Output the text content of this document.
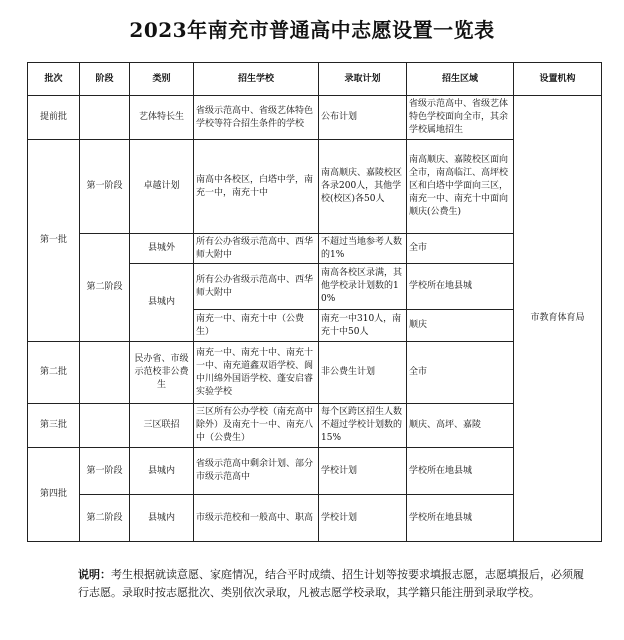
2023年南充市普通高中志愿设置一览表
批次	阶段	类别	招生学校	录取计划	招生区域	设置机构	
提前批		艺体特长生	省级示范高中、省级艺体特色学校等符合招生条件的学校	公布计划	省级示范高中、省级艺体特色学校面向全市，其余学校属地招生	市教育体育局	
第一批	第一阶段	卓越计划	南高中各校区，白塔中学，南充一中，南充十中	南高顺庆、嘉陵校区各录200人，其他学校(校区)各50人	南高顺庆、嘉陵校区面向全市，南高临江、高坪校区和白塔中学面向三区，南充一中、南充十中面向顺庆(公费生)		
	第二阶段	县城外	所有公办省级示范高中、西华师大附中	不超过当地参考人数的1%	全市		
		县城内	所有公办省级示范高中、西华师大附中	南高各校区录满，其他学校录计划数的10%	学校所在地县城		
			南充一中、南充十中（公费生）	南充一中310人，南充十中50人	顺庆		
第二批		民办省、市级示范校非公费生	南充一中、南充十中、南充十一中、南充道鑫双语学校、阆中川绵外国语学校、蓬安启睿实验学校	非公费生计划	全市		
第三批		三区联招	三区所有公办学校（南充高中除外）及南充十一中、南充八中（公费生）	每个区跨区招生人数不超过学校计划数的15%	顺庆、高坪、嘉陵		
第四批	第一阶段	县城内	省级示范高中剩余计划、部分市级示范高中	学校计划	学校所在地县城	
	第二阶段	县城内	市级示范校和一般高中、职高	学校计划	学校所在地县城		
说明：考生根据就读意愿、家庭情况，结合平时成绩、招生计划等按要求填报志愿，志愿填报后，必须履行志愿。录取时按志愿批次、类别依次录取，凡被志愿学校录取，其学籍只能注册到录取学校。
